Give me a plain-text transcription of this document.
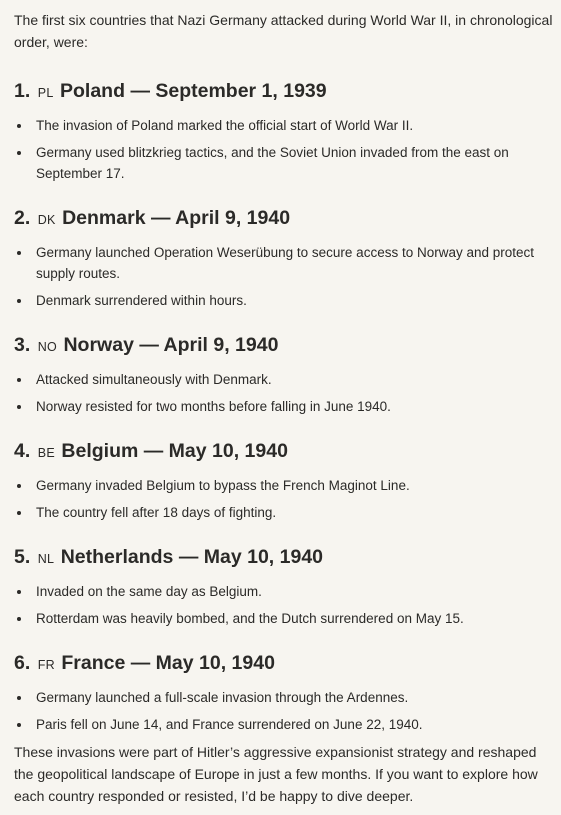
The first six countries that Nazi Germany attacked during World War II, in chronological order, were:

1. PL Poland — September 1, 1939
The invasion of Poland marked the official start of World War II.
Germany used blitzkrieg tactics, and the Soviet Union invaded from the east on September 17.
2. DK Denmark — April 9, 1940
Germany launched Operation Weserübung to secure access to Norway and protect supply routes.
Denmark surrendered within hours.
3. NO Norway — April 9, 1940
Attacked simultaneously with Denmark.
Norway resisted for two months before falling in June 1940.
4. BE Belgium — May 10, 1940
Germany invaded Belgium to bypass the French Maginot Line.
The country fell after 18 days of fighting.
5. NL Netherlands — May 10, 1940
Invaded on the same day as Belgium.
Rotterdam was heavily bombed, and the Dutch surrendered on May 15.
6. FR France — May 10, 1940
Germany launched a full-scale invasion through the Ardennes.
Paris fell on June 14, and France surrendered on June 22, 1940.

These invasions were part of Hitler’s aggressive expansionist strategy and reshaped the geopolitical landscape of Europe in just a few months. If you want to explore how each country responded or resisted, I’d be happy to dive deeper.
